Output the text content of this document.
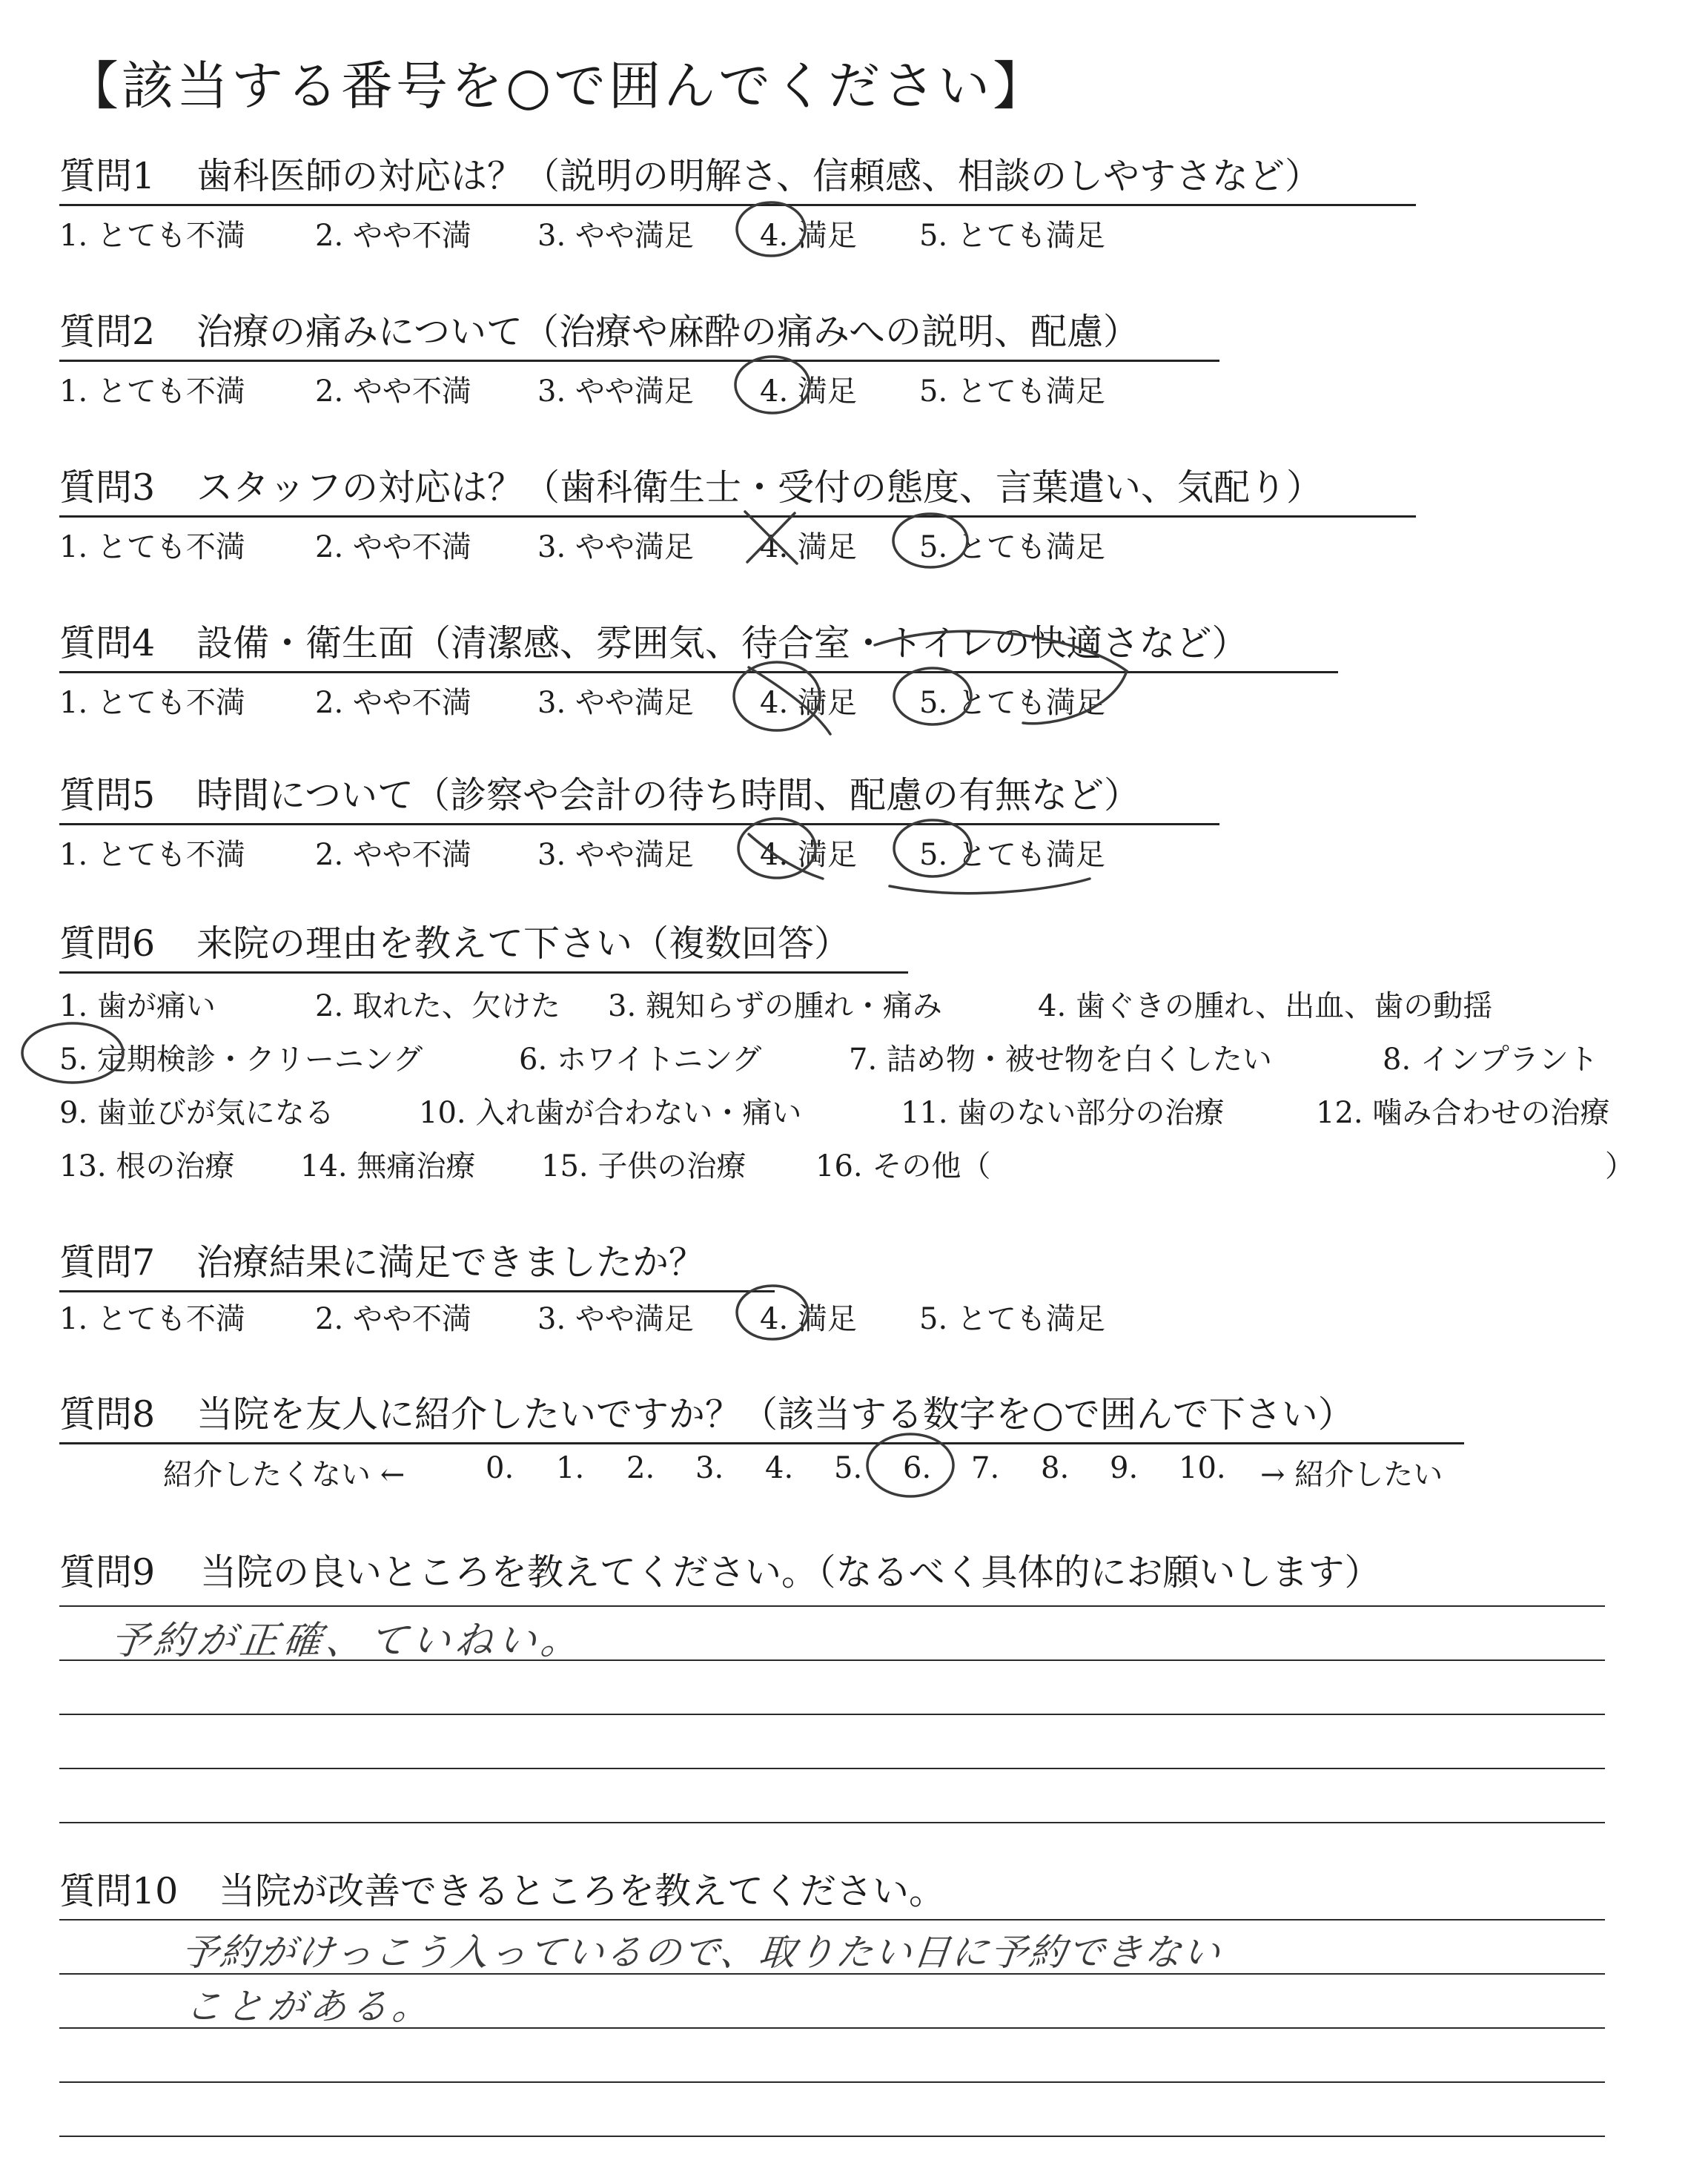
【該当する番号を○で囲んでください】
質問1 歯科医師の対応は？（説明の明解さ、信頼感、相談のしやすさなど）
1. とても不満 2. やや不満 3. やや満足 4. 満足 5. とても満足
質問2 治療の痛みについて（治療や麻酔の痛みへの説明、配慮）
1. とても不満 2. やや不満 3. やや満足 4. 満足 5. とても満足
質問3 スタッフの対応は？（歯科衛生士・受付の態度、言葉遣い、気配り）
1. とても不満 2. やや不満 3. やや満足 4. 満足 5. とても満足
質問4 設備・衛生面（清潔感、雰囲気、待合室・トイレの快適さなど）
1. とても不満 2. やや不満 3. やや満足 4. 満足 5. とても満足
質問5 時間について（診察や会計の待ち時間、配慮の有無など）
1. とても不満 2. やや不満 3. やや満足 4. 満足 5. とても満足
質問6 来院の理由を教えて下さい（複数回答）
1. 歯が痛い	2. 取れた、欠けた 3. 親知らずの腫れ・痛み	4. 歯ぐきの腫れ、出血、歯の動揺
5. 定期検診・クリーニング	6. ホワイトニング	7. 詰め物・被せ物を白くしたい	8. インプラント
9. 歯並びが気になる	10. 入れ歯が合わない・痛い	11. 歯のない部分の治療	12. 噛み合わせの治療
13. 根の治療 14. 無痛治療 15. 子供の治療 16. その他（	）
質問7 治療結果に満足できましたか？
1. とても不満 2. やや不満 3. やや満足 4. 満足 5. とても満足
質問8 当院を友人に紹介したいですか？（該当する数字を○で囲んで下さい）
紹介したくない ←	0. 1. 2. 3. 4. 5. 6. 7. 8. 9. 10. → 紹介したい
質問9 当院の良いところを教えてください。（なるべく具体的にお願いします）
予約が正確、ていねい。
質問10 当院が改善できるところを教えてください。
予約がけっこう入っているので、取りたい日に予約できない
ことがある。
